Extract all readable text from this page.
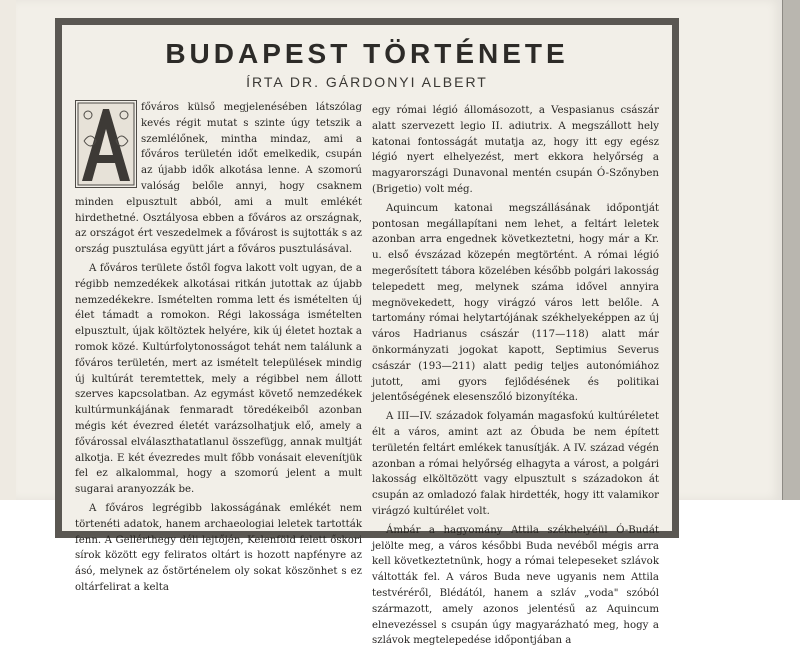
BUDAPEST TÖRTÉNETE
ÍRTA DR. GÁRDONYI ALBERT

főváros külső megjelenésében látszólag kevés régit mutat s szinte úgy tetszik a szemlélőnek, mintha mindaz, ami a főváros területén időt emelkedik, csupán az újabb idők alkotása lenne. A szomorú valóság belőle annyi, hogy csaknem minden elpusztult abból, ami a mult emlékét hirdethetné. Osztályosa ebben a főváros az országnak, az országot ért veszedelmek a fővárost is sujtották s az ország pusztulása együtt járt a főváros pusztulásával.

A főváros területe őstől fogva lakott volt ugyan, de a régibb nemzedékek alkotásai ritkán jutottak az újabb nemzedékekre. Ismételten romma lett és ismételten új élet támadt a romokon. Régi lakossága ismételten elpusztult, újak költöztek helyére, kik új életet hoztak a romok közé. Kultúrfolytonosságot tehát nem találunk a főváros területén, mert az ismételt települések mindig új kultúrát teremtettek, mely a régibbel nem állott szerves kapcsolatban. Az egymást követő nemzedékek kultúrmunkájának fenmaradt töredékeiből azonban mégis két évezred életét varázsolhatjuk elő, amely a fővárossal elválaszthatatlanul összefügg, annak multját alkotja. E két évezredes mult főbb vonásait elevenítjük fel ez alkalommal, hogy a szomorú jelent a mult sugarai aranyozzák be.

A főváros legrégibb lakosságának emlékét nem törtenéti adatok, hanem archaeologiai leletek tartották fenn. A Gellérthegy déli lejtőjén, Kelenföld felett őskori sírok között egy feliratos oltárt is hozott napfényre az ásó, melynek az őstörténelem oly sokat köszönhet s ez oltárfelirat a kelta

egy római légió állomásozott, a Vespasianus császár alatt szervezett legio II. adiutrix. A megszállott hely katonai fontosságát mutatja az, hogy itt egy egész légió nyert elhelyezést, mert ekkora helyőrség a magyarországi Dunavonal mentén csupán Ó-Szőnyben (Brigetio) volt még.

Aquincum katonai megszállásának időpontját pontosan megállapítani nem lehet, a feltárt leletek azonban arra engednek következtetni, hogy már a Kr. u. első évszázad közepén megtörtént. A római légió megerősített tábora közelében később polgári lakosság telepedett meg, melynek száma idővel annyira megnövekedett, hogy virágzó város lett belőle. A tartomány római helytartójának székhelyeképpen az új város Hadrianus császár (117—118) alatt már önkormányzati jogokat kapott, Septimius Severus császár (193—211) alatt pedig teljes autonómiához jutott, ami gyors fejlődésének és politikai jelentőségének elesenszőló bizonyítéka.

A III—IV. századok folyamán magasfokú kultúréletet élt a város, amint azt az Óbuda be nem épített területén feltárt emlékek tanusítják. A IV. század végén azonban a római helyőrség elhagyta a várost, a polgári lakosság elköltözött vagy elpusztult s századokon át csupán az omladozó falak hirdették, hogy itt valamikor virágzó kultúrélet volt.

Ámbár a hagyomány Attila székhelyéül Ó-Budát jelölte meg, a város későbbi Buda nevéből mégis arra kell következtetnünk, hogy a római telepeseket szlávok váltották fel. A város Buda neve ugyanis nem Attila testvéréről, Blédától, hanem a szláv „voda" szóból származott, amely azonos jelentésű az Aquincum elnevezéssel s csupán úgy magyarázható meg, hogy a szlávok megtelepedése időpontjában a
